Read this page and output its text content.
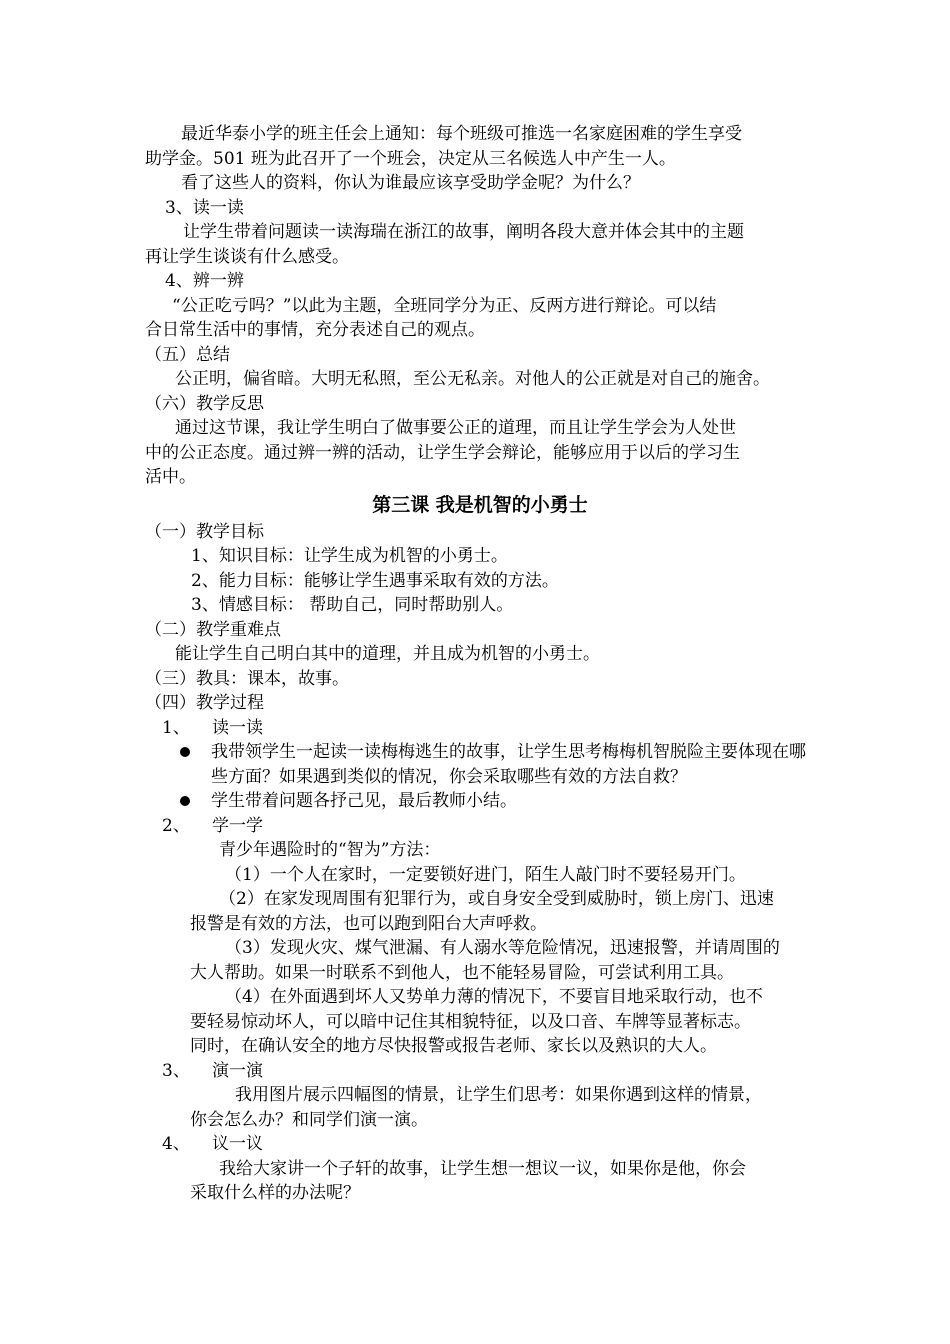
最近华泰小学的班主任会上通知：每个班级可推选一名家庭困难的学生享受
助学金。501 班为此召开了一个班会，决定从三名候选人中产生一人。
看了这些人的资料，你认为谁最应该享受助学金呢？为什么？
3、读一读
让学生带着问题读一读海瑞在浙江的故事，阐明各段大意并体会其中的主题
再让学生谈谈有什么感受。
4、辨一辨
“公正吃亏吗？”以此为主题，全班同学分为正、反两方进行辩论。可以结
合日常生活中的事情，充分表述自己的观点。
（五）总结
公正明，偏省暗。大明无私照，至公无私亲。对他人的公正就是对自己的施舍。
（六）教学反思
通过这节课，我让学生明白了做事要公正的道理，而且让学生学会为人处世
中的公正态度。通过辨一辨的活动，让学生学会辩论，能够应用于以后的学习生
活中。
第三课 我是机智的小勇士
（一）教学目标
1、知识目标：让学生成为机智的小勇士。
2、能力目标：能够让学生遇事采取有效的方法。
3、情感目标： 帮助自己，同时帮助别人。
（二）教学重难点
能让学生自己明白其中的道理，并且成为机智的小勇士。
（三）教具：课本，故事。
（四）教学过程
1、	读一读
我带领学生一起读一读梅梅逃生的故事，让学生思考梅梅机智脱险主要体现在哪些方面？如果遇到类似的情况，你会采取哪些有效的方法自救？
学生带着问题各抒己见，最后教师小结。
2、	学一学
青少年遇险时的“智为”方法：
（1）一个人在家时，一定要锁好进门，陌生人敲门时不要轻易开门。
（2）在家发现周围有犯罪行为，或自身安全受到威胁时，锁上房门、迅速
报警是有效的方法，也可以跑到阳台大声呼救。
（3）发现火灾、煤气泄漏、有人溺水等危险情况，迅速报警，并请周围的
大人帮助。如果一时联系不到他人，也不能轻易冒险，可尝试利用工具。
（4）在外面遇到坏人又势单力薄的情况下，不要盲目地采取行动，也不
要轻易惊动坏人，可以暗中记住其相貌特征，以及口音、车牌等显著标志。
同时，在确认安全的地方尽快报警或报告老师、家长以及熟识的大人。
3、	演一演
我用图片展示四幅图的情景，让学生们思考：如果你遇到这样的情景，
你会怎么办？和同学们演一演。
4、	议一议
我给大家讲一个子轩的故事，让学生想一想议一议，如果你是他，你会
采取什么样的办法呢？
